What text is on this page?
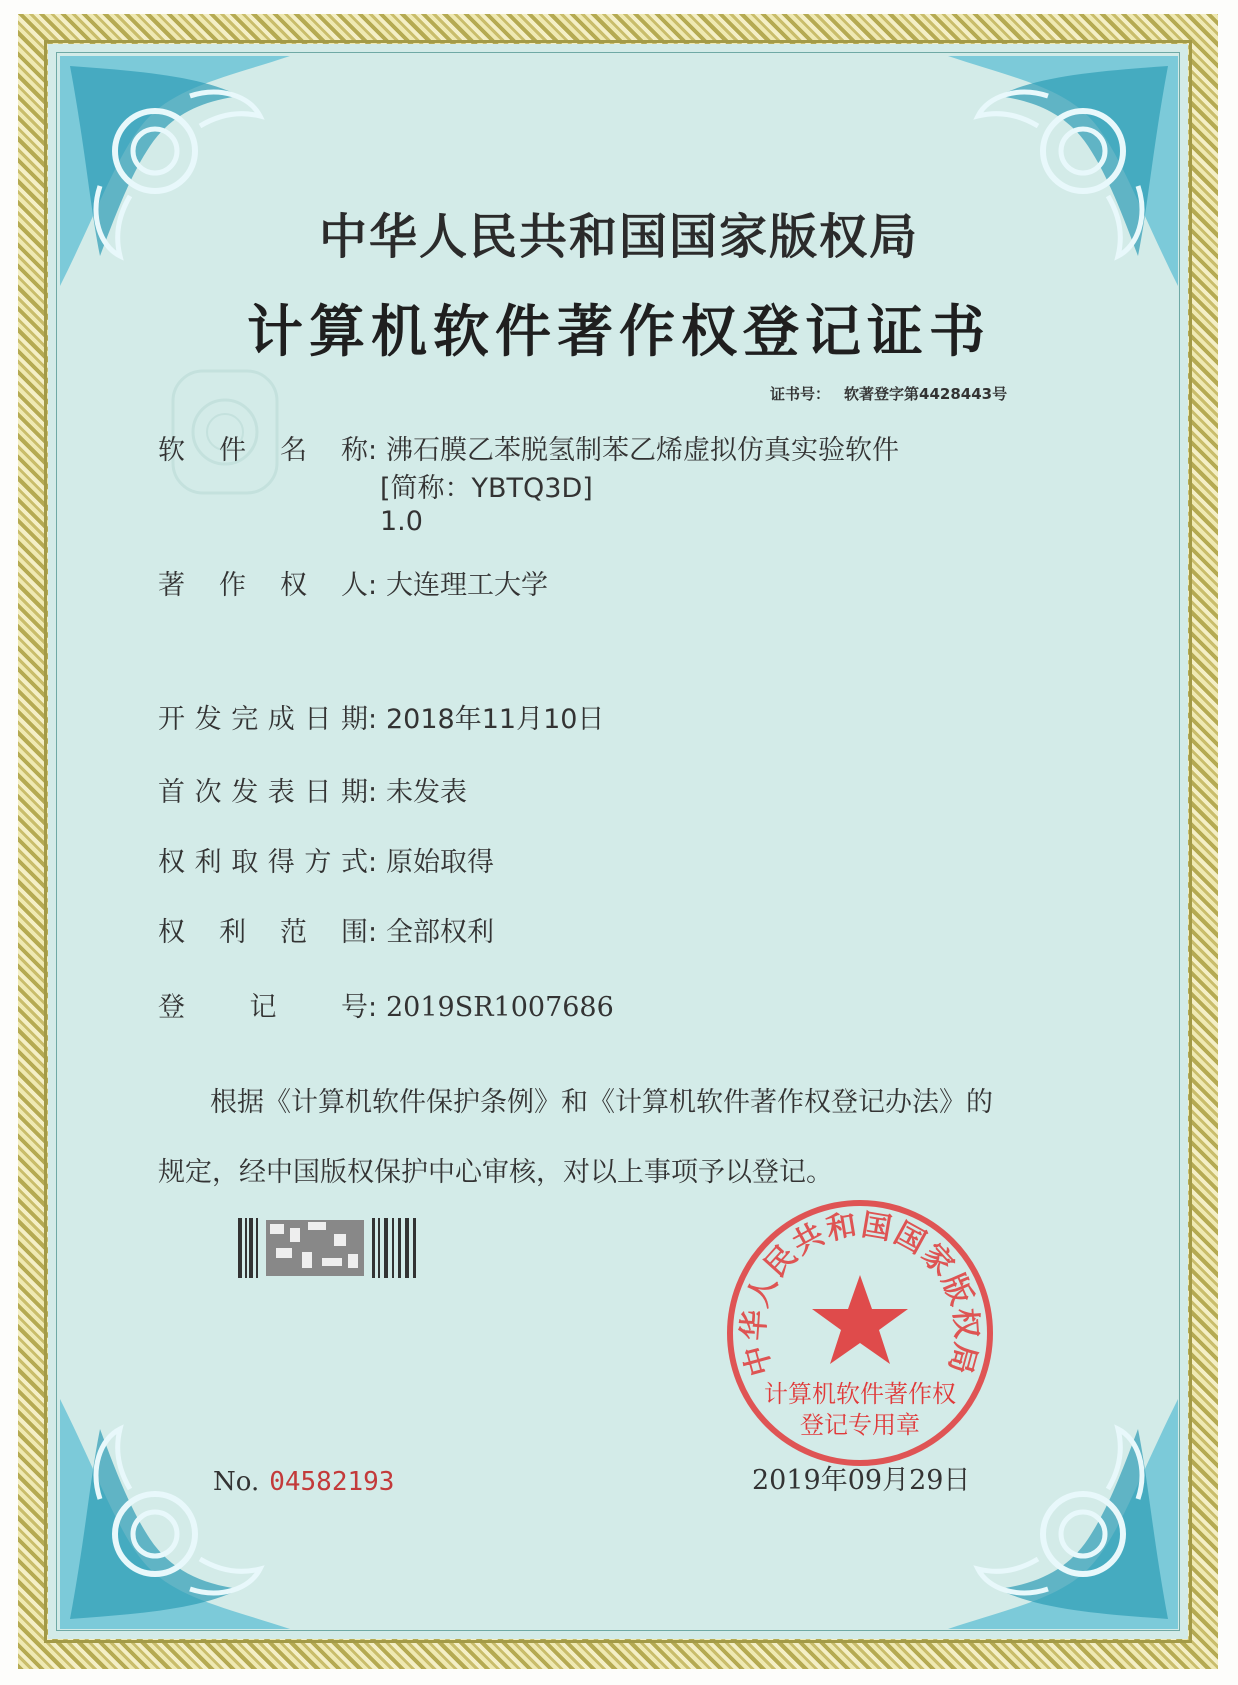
中华人民共和国国家版权局
计算机软件著作权登记证书
证书号： 软著登字第4428443号
软件名称: 沸石膜乙苯脱氢制苯乙烯虚拟仿真实验软件
[简称：YBTQ3D]
1.0
著作权人: 大连理工大学
开发完成日期: 2018年11月10日
首次发表日期: 未发表
权利取得方式: 原始取得
权利范围: 全部权利
登记号: 2019SR1007686
根据《计算机软件保护条例》和《计算机软件著作权登记办法》的
规定，经中国版权保护中心审核，对以上事项予以登记。
中华人民共和国国家版权局
计算机软件著作权
登记专用章
No. 04582193	2019年09月29日
